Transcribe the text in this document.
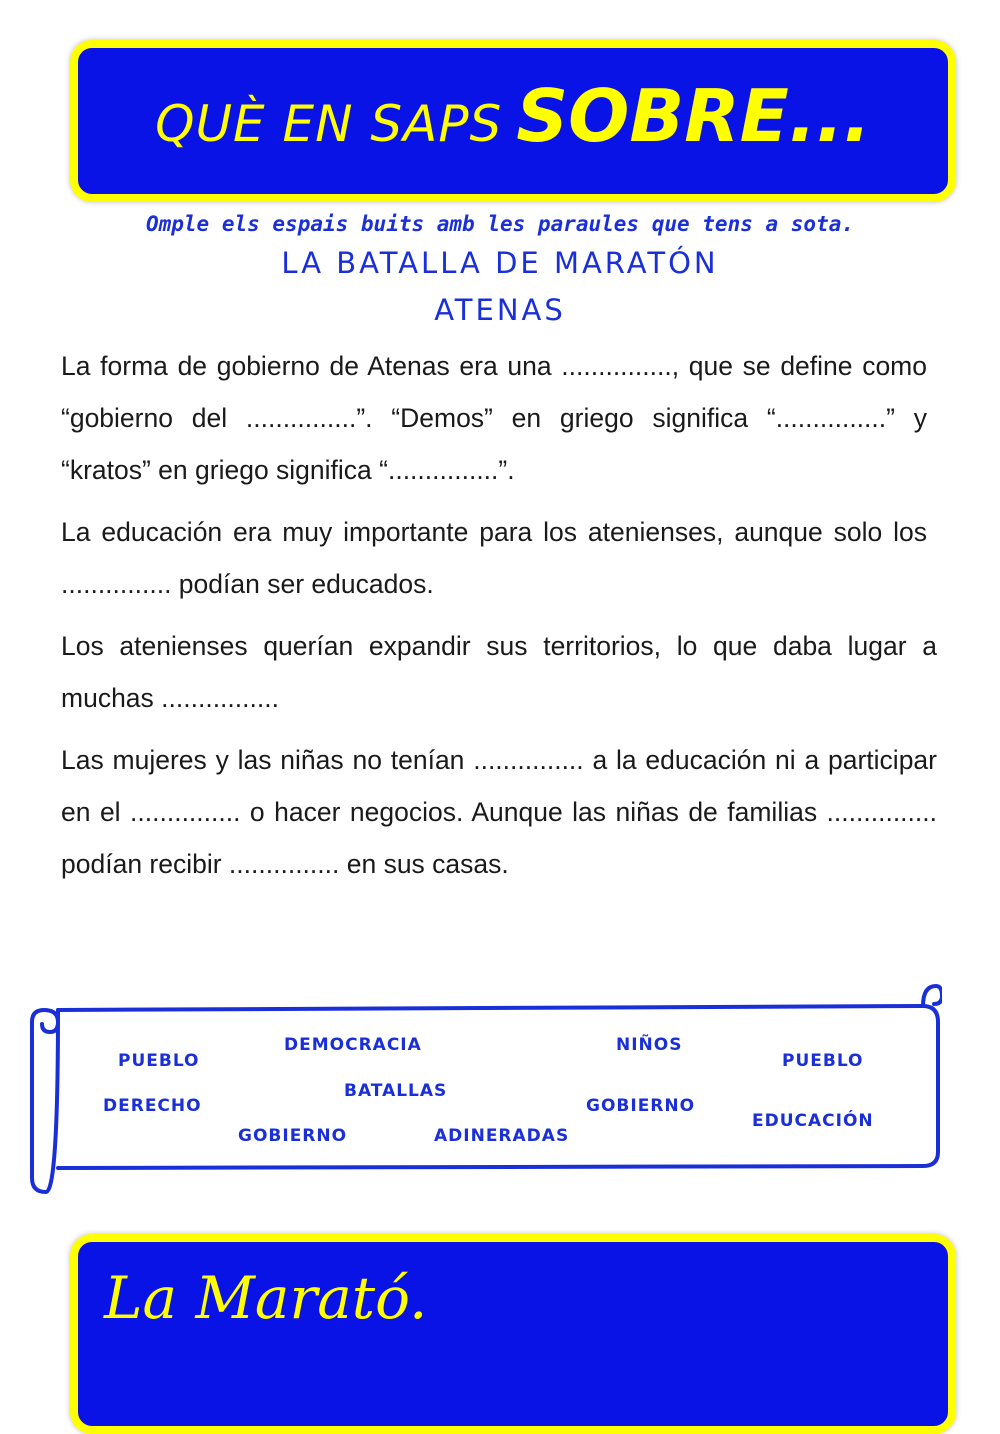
QUÈ EN SAPS SOBRE...
Omple els espais buits amb les paraules que tens a sota.
LA BATALLA DE MARATÓN
ATENAS

La forma de gobierno de Atenas era una ..............., que se define como “gobierno del ...............”. “Demos” en griego significa “...............” y “kratos” en griego significa “...............”.

La educación era muy importante para los atenienses, aunque solo los ............... podían ser educados.

Los atenienses querían expandir sus territorios, lo que daba lugar a muchas ................

Las mujeres y las niñas no tenían ............... a la educación ni a participar en el ............... o hacer negocios. Aunque las niñas de familias ............... podían recibir ............... en sus casas.

DEMOCRACIA	NIÑOS
PUEBLO	PUEBLO
BATALLAS
DERECHO	GOBIERNO
EDUCACIÓN
GOBIERNO	ADINERADAS
La Marató.
